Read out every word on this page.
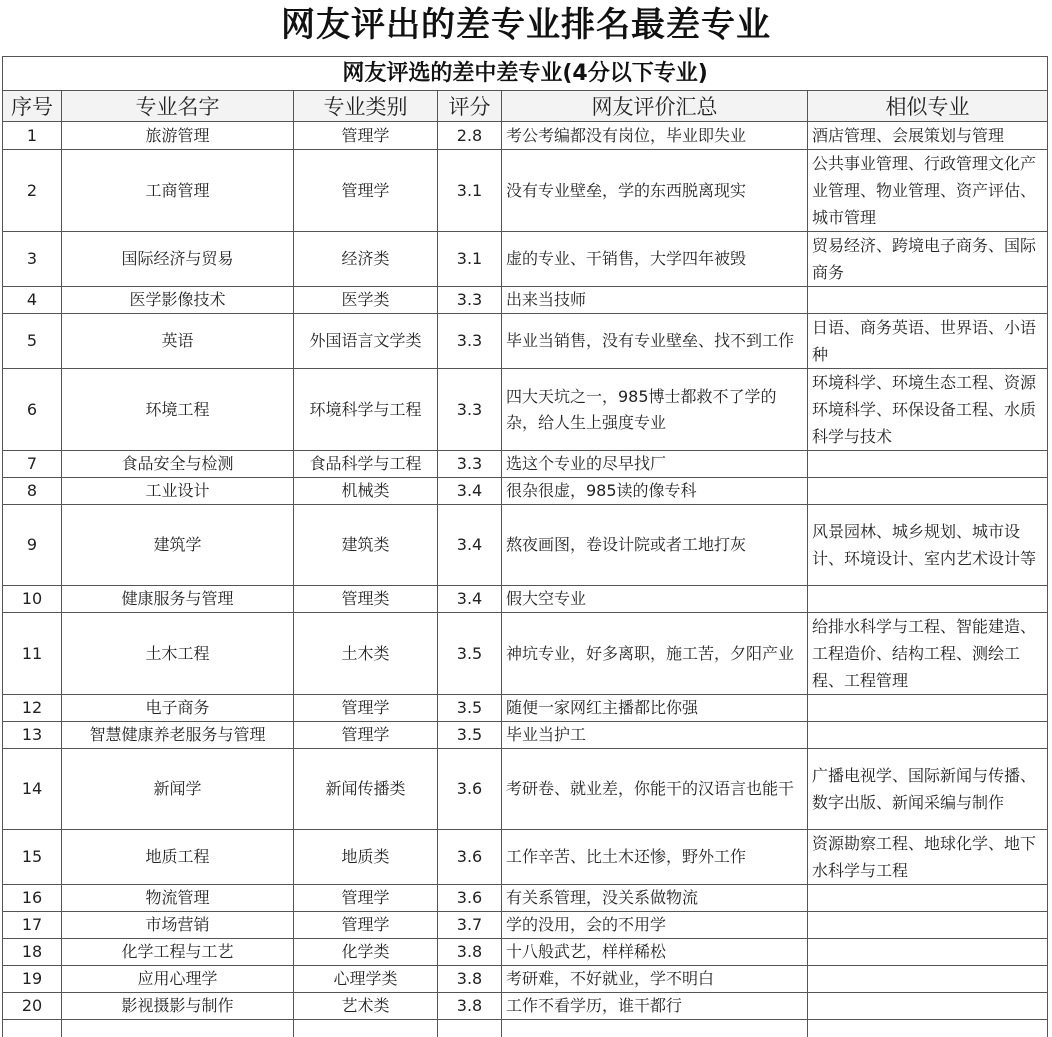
网友评出的差专业排名最差专业
网友评选的差中差专业(4分以下专业)					
序号	专业名字	专业类别	评分	网友评价汇总	相似专业
1	旅游管理	管理学	2.8	考公考编都没有岗位，毕业即失业	酒店管理、会展策划与管理
2	工商管理	管理学	3.1	没有专业壁垒，学的东西脱离现实	公共事业管理、行政管理文化产业管理、物业管理、资产评估、城市管理
3	国际经济与贸易	经济类	3.1	虚的专业、干销售，大学四年被毁	贸易经济、跨境电子商务、国际商务
4	医学影像技术	医学类	3.3	出来当技师	
5	英语	外国语言文学类	3.3	毕业当销售，没有专业壁垒、找不到工作	日语、商务英语、世界语、小语种
6	环境工程	环境科学与工程	3.3	四大天坑之一，985博士都救不了学的杂，给人生上强度专业	环境科学、环境生态工程、资源环境科学、环保设备工程、水质科学与技术
7	食品安全与检测	食品科学与工程	3.3	选这个专业的尽早找厂	
8	工业设计	机械类	3.4	很杂很虚，985读的像专科	
9	建筑学	建筑类	3.4	熬夜画图，卷设计院或者工地打灰	风景园林、城乡规划、城市设计、环境设计、室内艺术设计等
10	健康服务与管理	管理类	3.4	假大空专业	
11	土木工程	土木类	3.5	神坑专业，好多离职，施工苦，夕阳产业	给排水科学与工程、智能建造、工程造价、结构工程、测绘工程、工程管理
12	电子商务	管理学	3.5	随便一家网红主播都比你强	
13	智慧健康养老服务与管理	管理学	3.5	毕业当护工	
14	新闻学	新闻传播类	3.6	考研卷、就业差，你能干的汉语言也能干	广播电视学、国际新闻与传播、数字出版、新闻采编与制作
15	地质工程	地质类	3.6	工作辛苦、比土木还惨，野外工作	资源勘察工程、地球化学、地下水科学与工程
16	物流管理	管理学	3.6	有关系管理，没关系做物流	
17	市场营销	管理学	3.7	学的没用，会的不用学	
18	化学工程与工艺	化学类	3.8	十八般武艺，样样稀松	
19	应用心理学	心理学类	3.8	考研难，不好就业，学不明白	
20	影视摄影与制作	艺术类	3.8	工作不看学历，谁干都行	
